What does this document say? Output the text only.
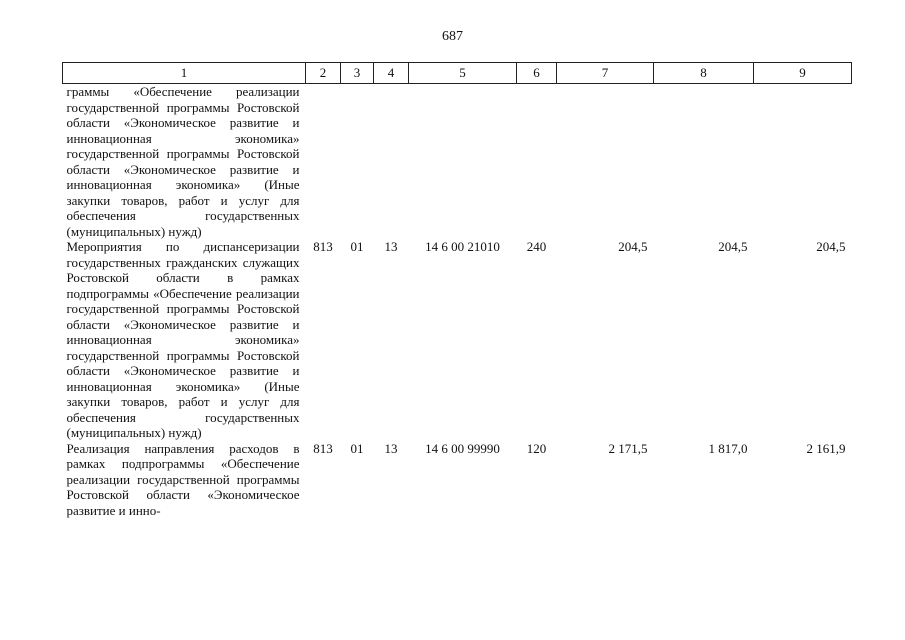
687
1	2	3	4	5	6	7	8	9
граммы «Обеспечение реализации государственной программы Ростовской области «Экономическое развитие и инновационная экономика» государственной программы Ростовской области «Экономическое развитие и инновационная экономика» (Иные закупки товаров, работ и услуг для обеспечения государственных (муниципальных) нужд)								
Мероприятия по диспансеризации государственных гражданских служащих Ростовской области в рамках подпрограммы «Обеспечение реализации государственной программы Ростовской области «Экономическое развитие и инновационная экономика» государственной программы Ростовской области «Экономическое развитие и инновационная экономика» (Иные закупки товаров, работ и услуг для обеспечения государственных (муниципальных) нужд)	813	01	13	14 6 00 21010	240	204,5	204,5	204,5
Реализация направления расходов в рамках подпрограммы «Обеспечение реализации государственной программы Ростовской области «Экономическое развитие и инно-	813	01	13	14 6 00 99990	120	2 171,5	1 817,0	2 161,9
